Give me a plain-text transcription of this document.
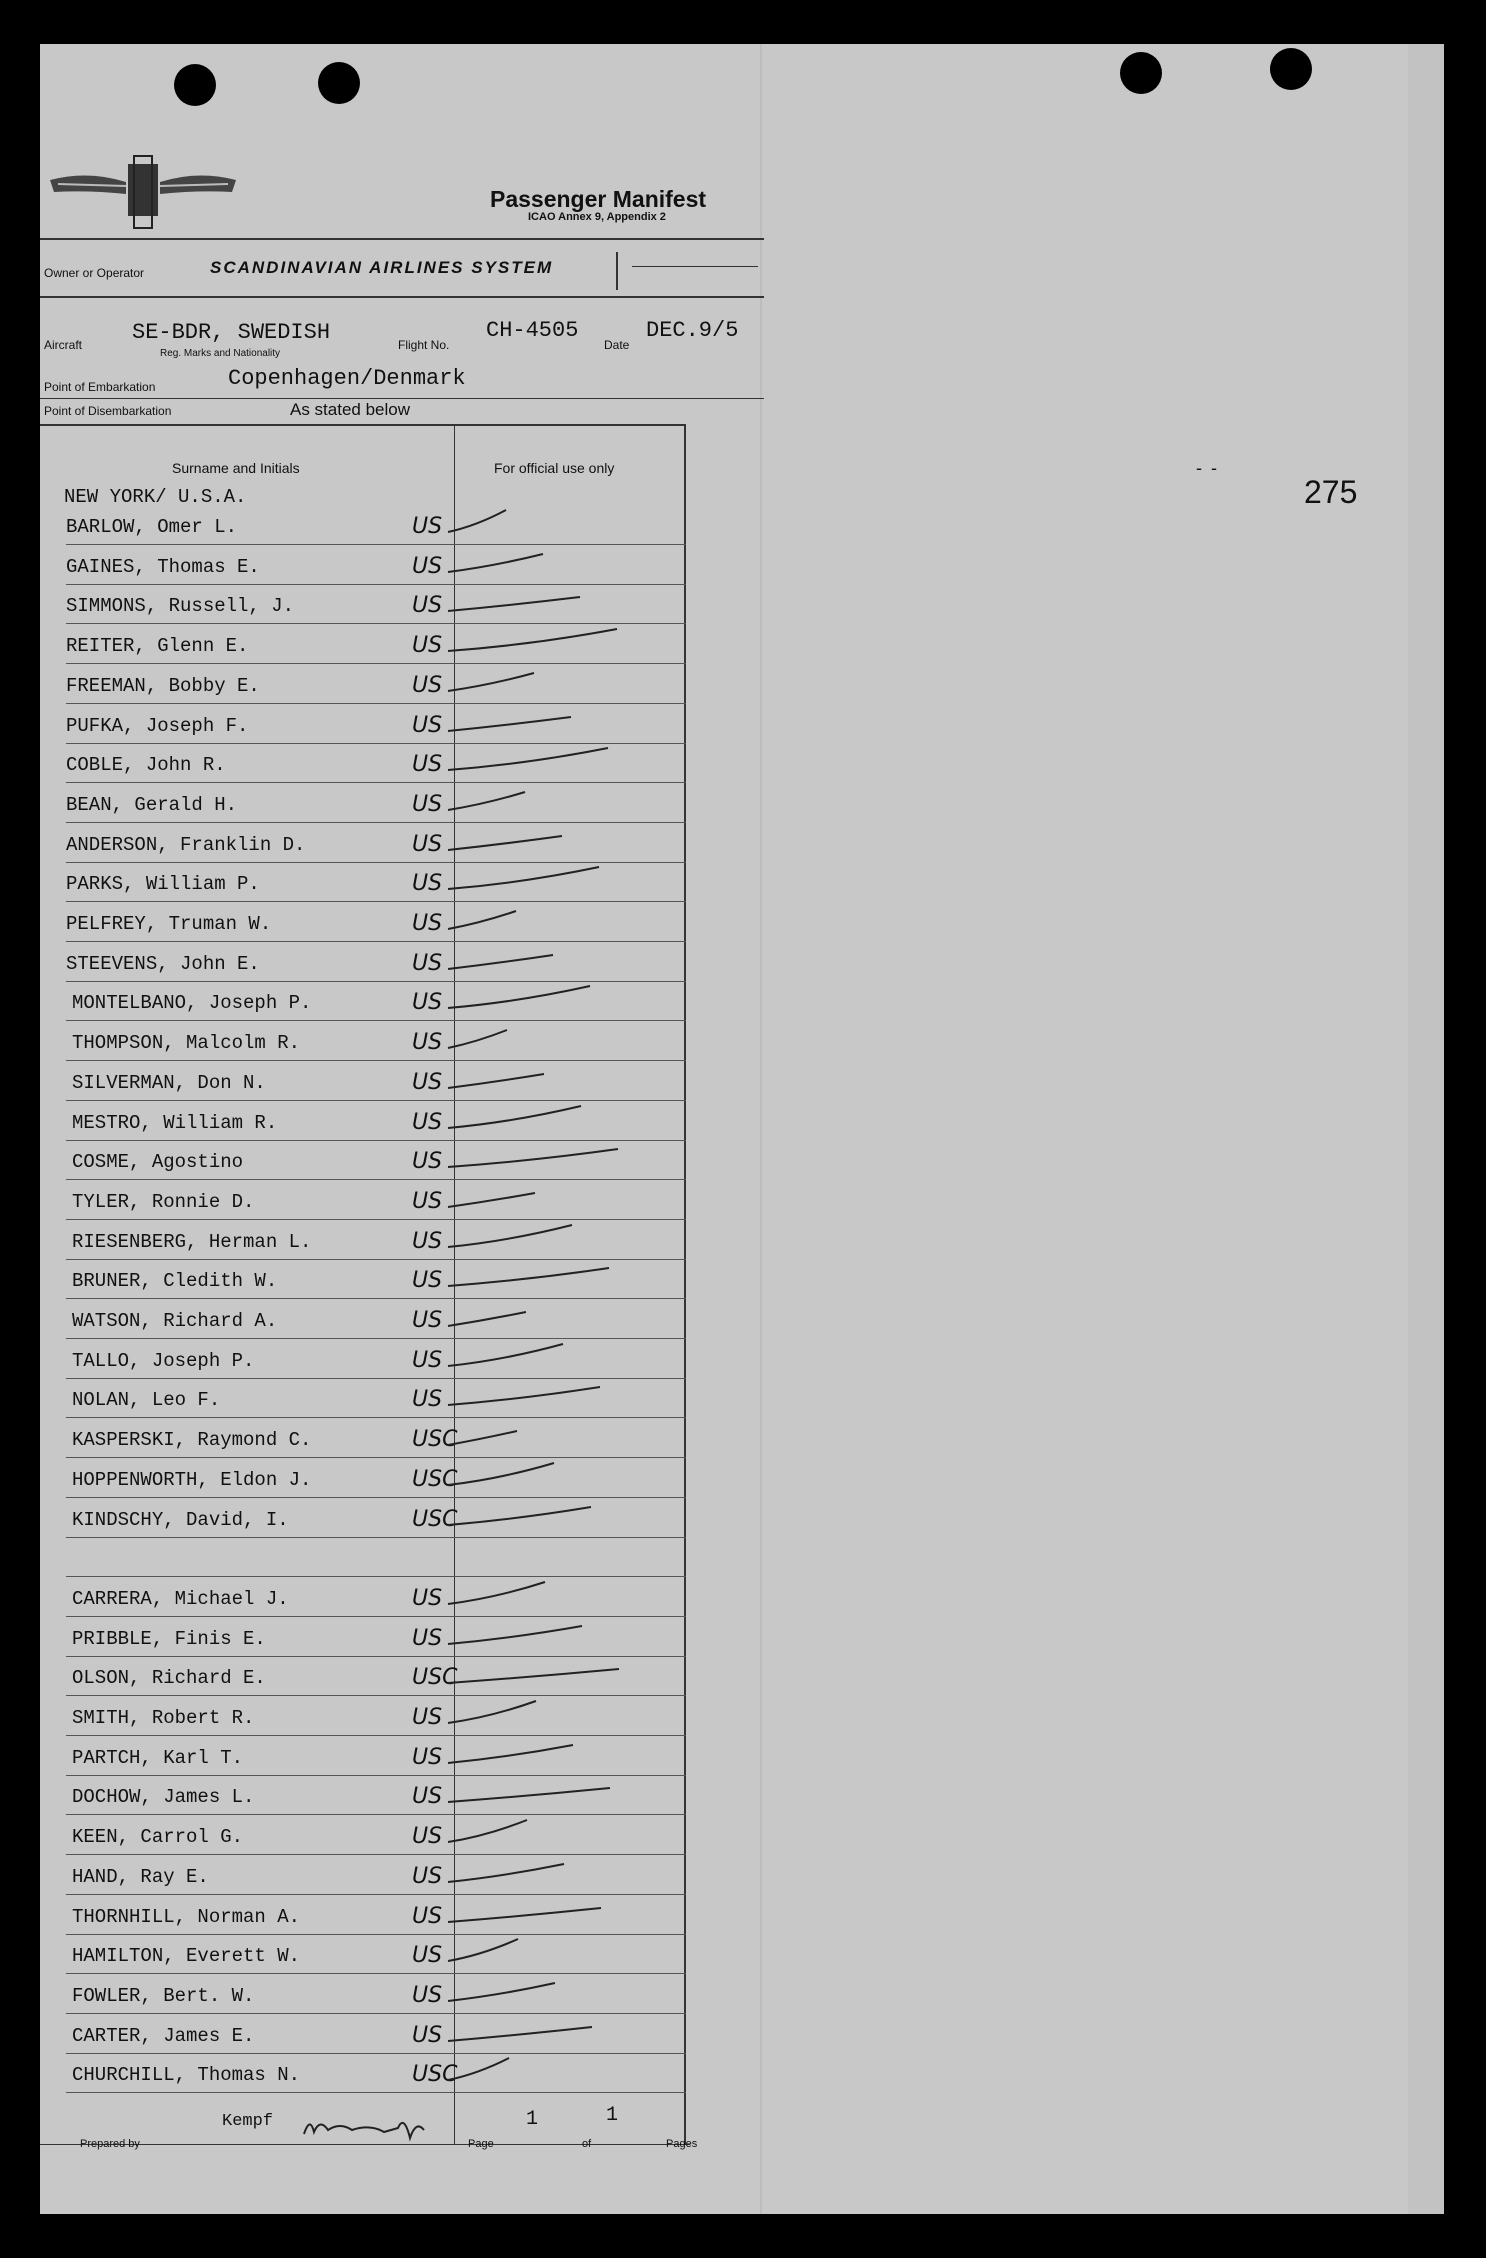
Passenger Manifest
ICAO Annex 9, Appendix 2
Owner or Operator	SCANDINAVIAN AIRLINES SYSTEM
Aircraft SE-BDR, SWEDISH
Reg. Marks and Nationality
Flight No.
CH-4505
Date
DEC.9/5
Point of Embarkation	Copenhagen/Denmark
Point of Disembarkation	As stated below
Surname and Initials	For official use only
NEW YORK/ U.S.A.
BARLOW, Omer L.	US
GAINES, Thomas E.	US
SIMMONS, Russell, J.	US
REITER, Glenn E.	US
FREEMAN, Bobby E.	US
PUFKA, Joseph F.	US
COBLE, John R.	US
BEAN, Gerald H.	US
ANDERSON, Franklin D.	US
PARKS, William P.	US
PELFREY, Truman W.	US
STEEVENS, John E.	US
MONTELBANO, Joseph P.	US
THOMPSON, Malcolm R.	US
SILVERMAN, Don N.	US
MESTRO, William R.	US
COSME, Agostino	US
TYLER, Ronnie D.	US
RIESENBERG, Herman L.	US
BRUNER, Cledith W.	US
WATSON, Richard A.	US
TALLO, Joseph P.	US
NOLAN, Leo F.	US
KASPERSKI, Raymond C.	USC
HOPPENWORTH, Eldon J.	USC
KINDSCHY, David, I.	USC
CARRERA, Michael J.	US
PRIBBLE, Finis E.	US
OLSON, Richard E.	USC
SMITH, Robert R.	US
PARTCH, Karl T.	US
DOCHOW, James L.	US
KEEN, Carrol G.	US
HAND, Ray E.	US
THORNHILL, Norman A.	US
HAMILTON, Everett W.	US
FOWLER, Bert. W.	US
CARTER, James E.	US
CHURCHILL, Thomas N.	USC
- -
275
Prepared by
Kempf
Page
1
of
1
Pages
